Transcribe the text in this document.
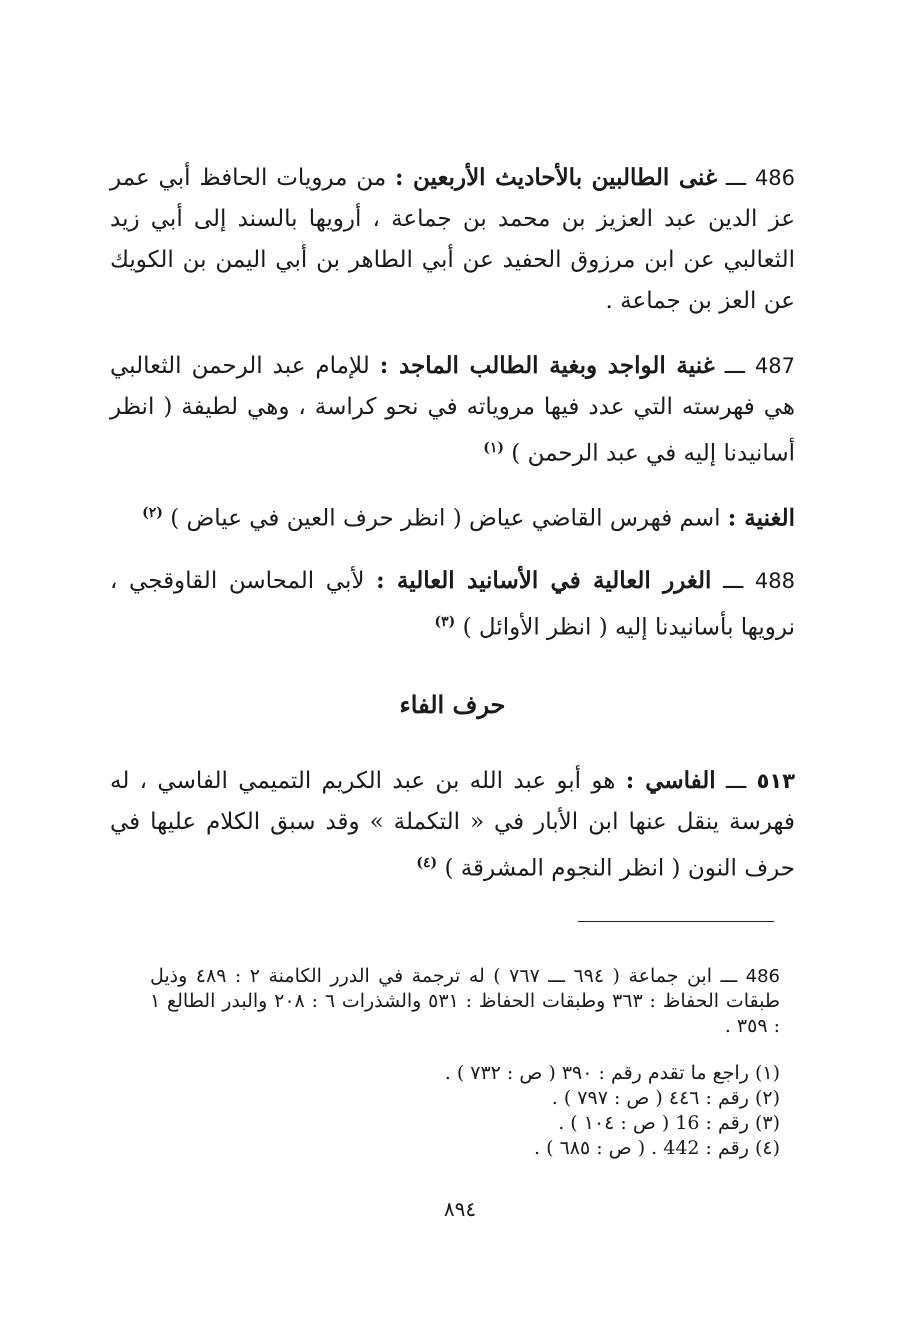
486 ـــ غنى الطالبين بالأحاديث الأربعين : من مرويات الحافظ أبي عمر عز الدين عبد العزيز بن محمد بن جماعة ، أرويها بالسند إلى أبي زيد الثعالبي عن ابن مرزوق الحفيد عن أبي الطاهر بن أبي اليمن بن الكويك عن العز بن جماعة .
487 ـــ غنية الواجد وبغية الطالب الماجد : للإمام عبد الرحمن الثعالبي هي فهرسته التي عدد فيها مروياته في نحو كراسة ، وهي لطيفة ( انظر أسانيدنا إليه في عبد الرحمن ) $^{(١)}$
الغنية : اسم فهرس القاضي عياض ( انظر حرف العين في عياض ) $^{(٢)}$
488 ـــ الغرر العالية في الأسانيد العالية : لأبي المحاسن القاوقجي ، نرويها بأسانيدنا إليه ( انظر الأوائل ) $^{(٣)}$
حرف الفاء
٥١٣ ـــ الفاسي : هو أبو عبد الله بن عبد الكريم التميمي الفاسي ، له فهرسة ينقل عنها ابن الأبار في « التكملة » وقد سبق الكلام عليها في حرف النون ( انظر النجوم المشرقة ) $^{(٤)}$
486 ـــ ابن جماعة ( ٦٩٤ ـــ ٧٦٧ ) له ترجمة في الدرر الكامنة ٢ : ٤٨٩ وذيل طبقات الحفاظ : ٣٦٣ وطبقات الحفاظ : ٥٣١ والشذرات ٦ : ٢٠٨ والبدر الطالع ١ : ٣٥٩ .
(١) راجع ما تقدم رقم : ٣٩٠ ( ص : ٧٣٢ ) .
(٢) رقم : ٤٤٦ ( ص : ٧٩٧ ) .
(٣) رقم : 16 ( ص : ١٠٤ ) .
(٤) رقم : 442 . ( ص : ٦٨٥ ) .
٨٩٤
